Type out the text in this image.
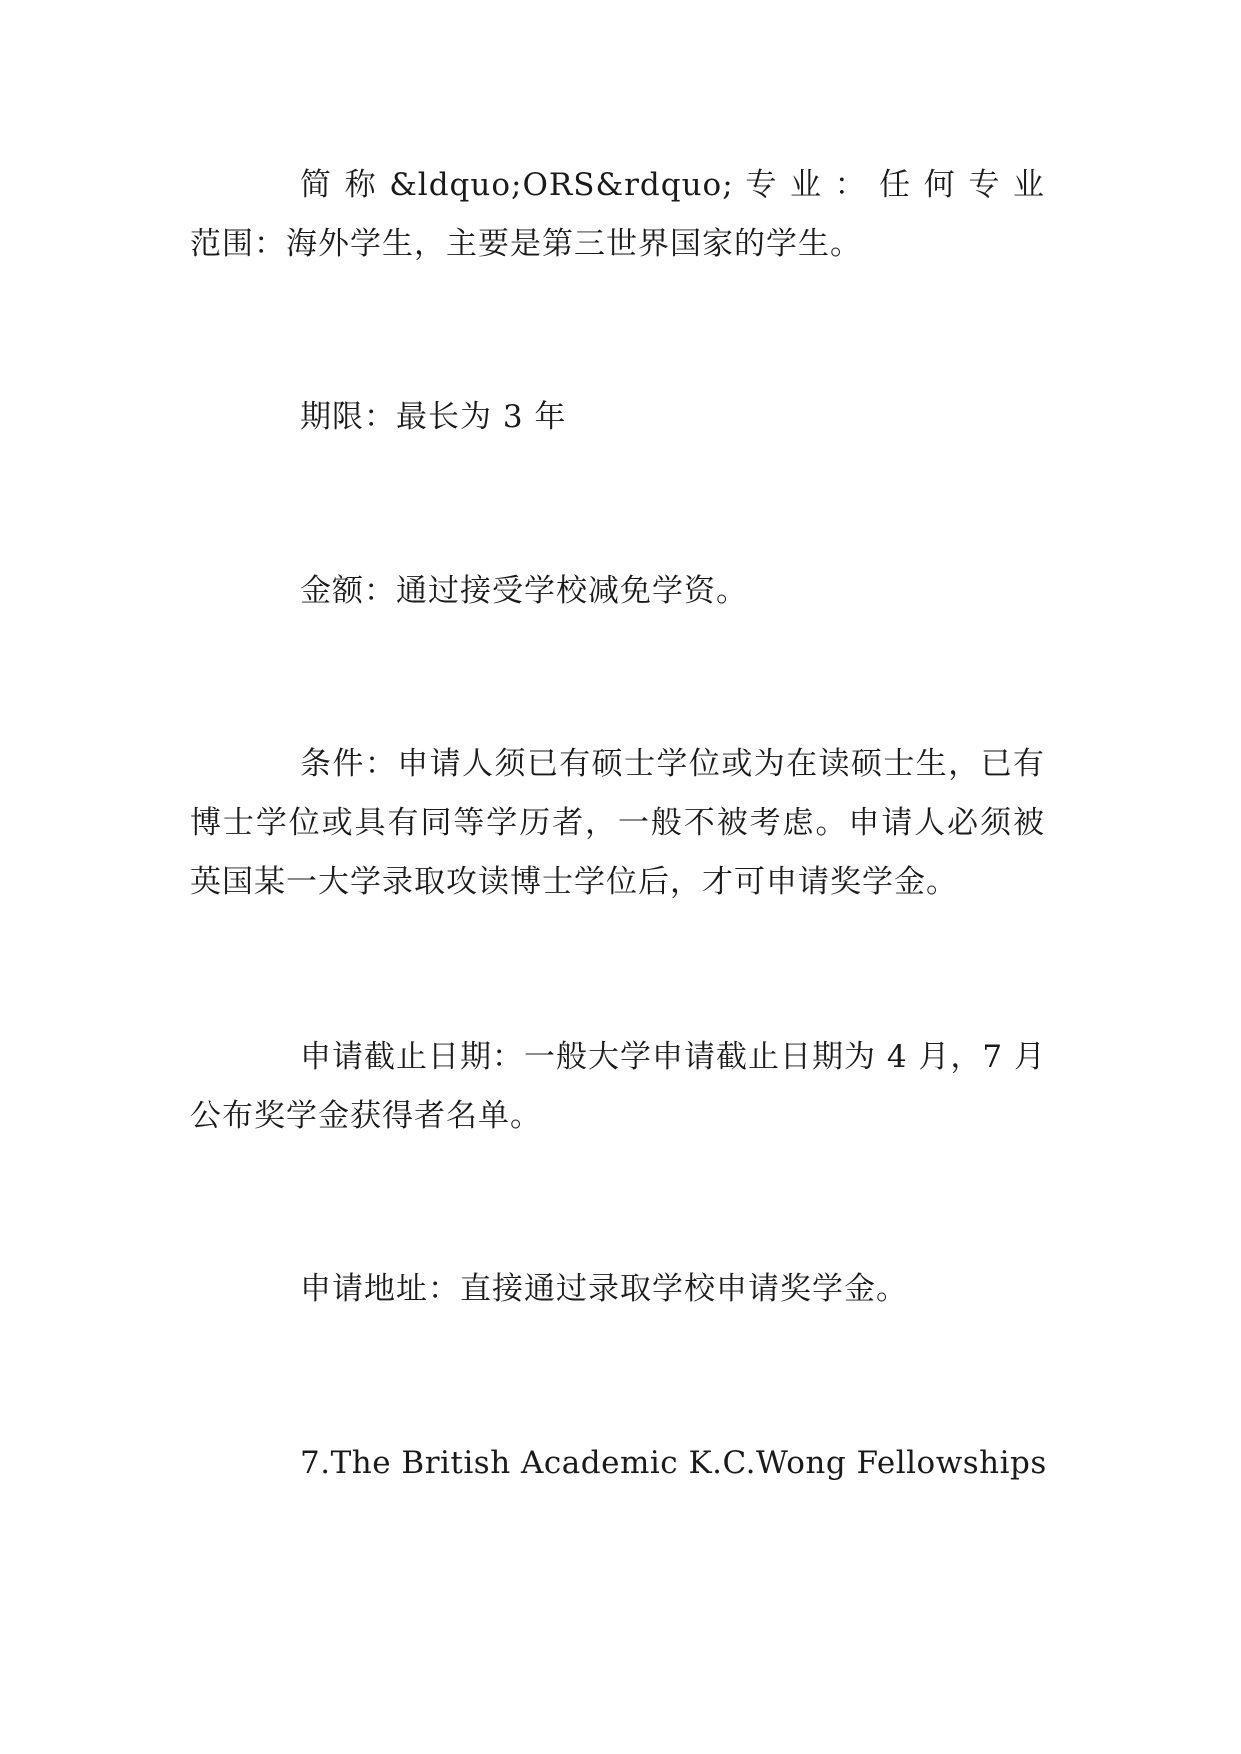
简 称 &ldquo;ORS&rdquo; 专 业 ： 任 何 专 业
范围：海外学生，主要是第三世界国家的学生。
期限：最长为 3 年
金额：通过接受学校减免学资。
条件：申请人须已有硕士学位或为在读硕士生，已有
博士学位或具有同等学历者，一般不被考虑。申请人必须被
英国某一大学录取攻读博士学位后，才可申请奖学金。
申请截止日期：一般大学申请截止日期为 4 月，7 月
公布奖学金获得者名单。
申请地址：直接通过录取学校申请奖学金。
7.The British Academic K.C.Wong Fellowships
